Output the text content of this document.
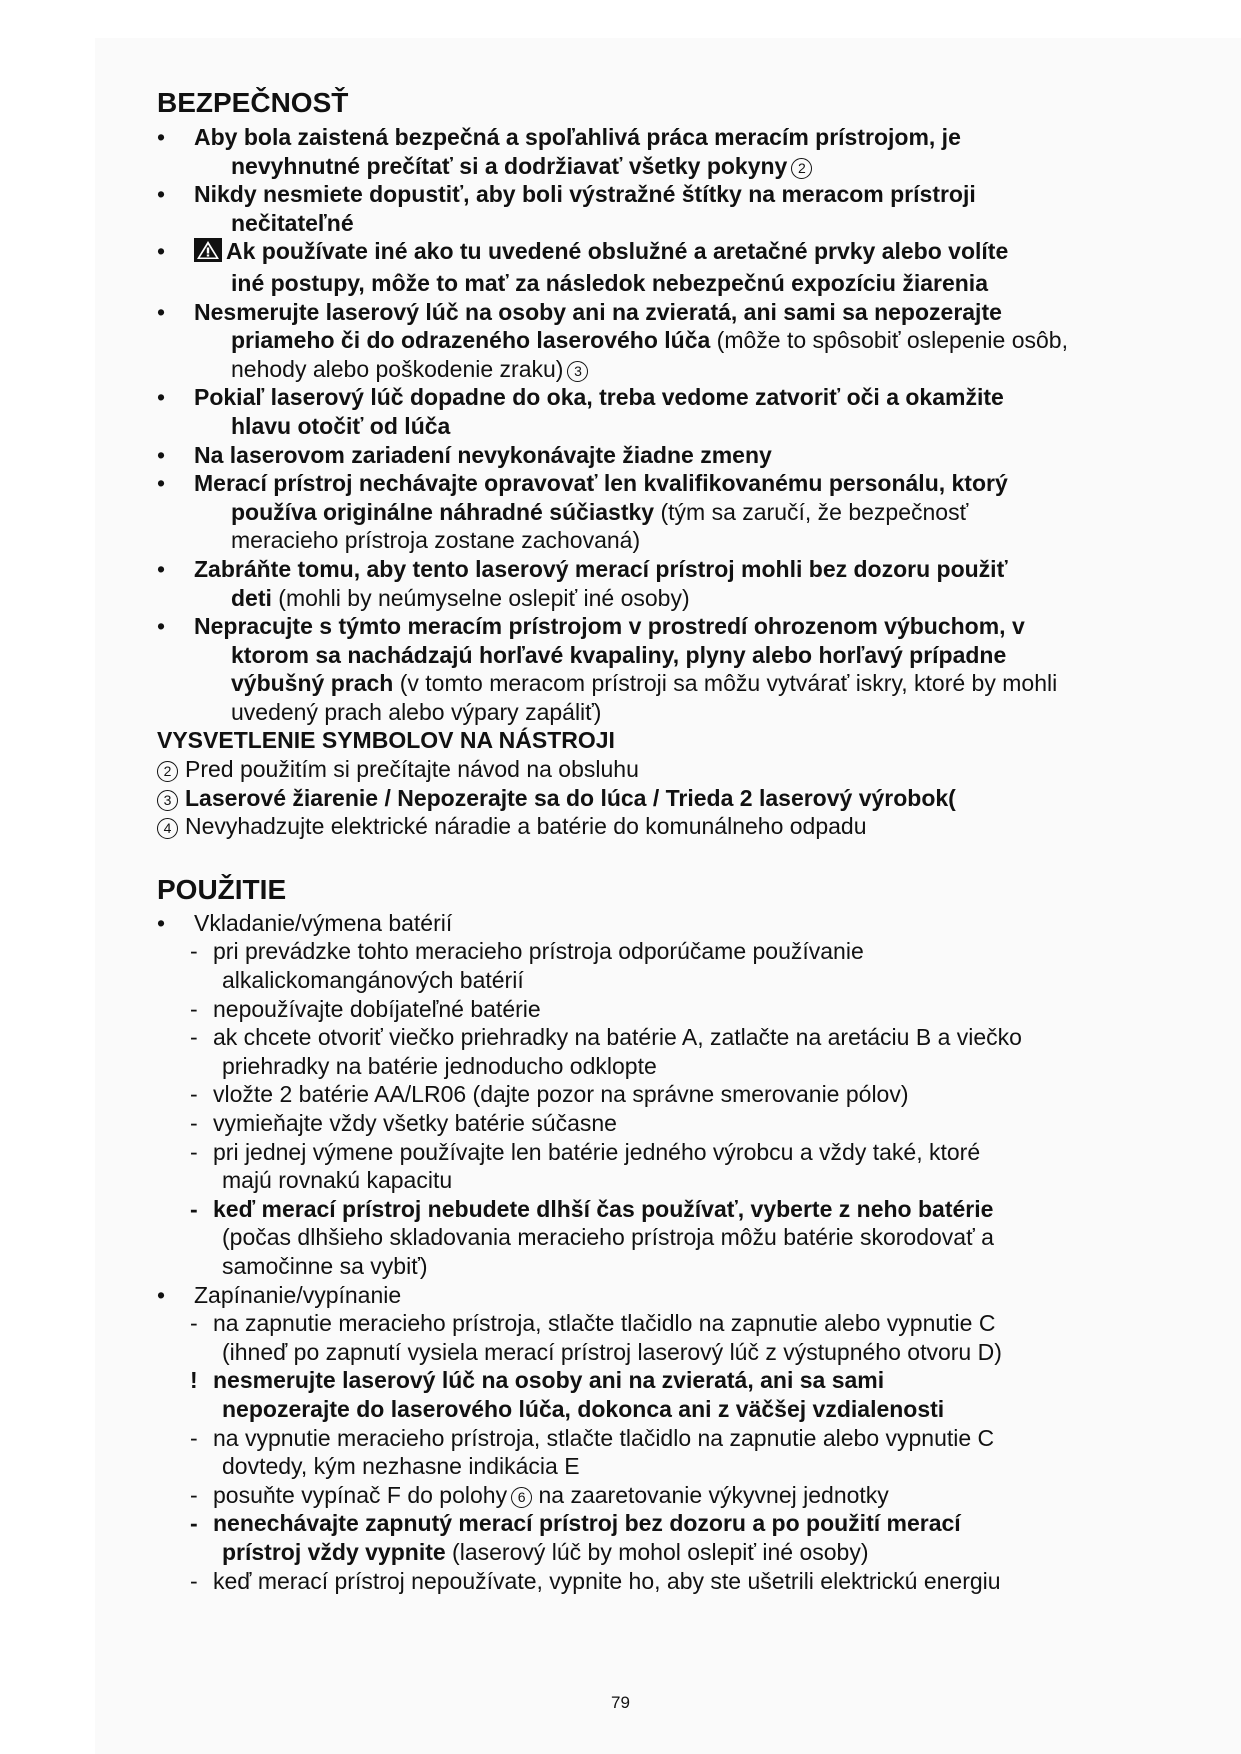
BEZPEČNOSŤ
• Aby bola zaistená bezpečná a spoľahlivá práca meracím prístrojom, je
nevyhnutné prečítať si a dodržiavať všetky pokyny 2
• Nikdy nesmiete dopustiť, aby boli výstražné štítky na meracom prístroji
nečitateľné
• Ak používate iné ako tu uvedené obslužné a aretačné prvky alebo volíte
iné postupy, môže to mať za následok nebezpečnú expozíciu žiarenia
• Nesmerujte laserový lúč na osoby ani na zvieratá, ani sami sa nepozerajte
priameho či do odrazeného laserového lúča (môže to spôsobiť oslepenie osôb,
nehody alebo poškodenie zraku) 3
• Pokiaľ laserový lúč dopadne do oka, treba vedome zatvoriť oči a okamžite
hlavu otočiť od lúča
• Na laserovom zariadení nevykonávajte žiadne zmeny
• Merací prístroj nechávajte opravovať len kvalifikovanému personálu, ktorý
používa originálne náhradné súčiastky (tým sa zaručí, že bezpečnosť
meracieho prístroja zostane zachovaná)
• Zabráňte tomu, aby tento laserový merací prístroj mohli bez dozoru použiť
deti (mohli by neúmyselne oslepiť iné osoby)
• Nepracujte s týmto meracím prístrojom v prostredí ohrozenom výbuchom, v
ktorom sa nachádzajú horľavé kvapaliny, plyny alebo horľavý prípadne
výbušný prach (v tomto meracom prístroji sa môžu vytvárať iskry, ktoré by mohli
uvedený prach alebo výpary zapáliť)
VYSVETLENIE SYMBOLOV NA NÁSTROJI
2 Pred použitím si prečítajte návod na obsluhu
3 Laserové žiarenie / Nepozerajte sa do lúca / Trieda 2 laserový výrobok(
4 Nevyhadzujte elektrické náradie a batérie do komunálneho odpadu
POUŽITIE
• Vkladanie/výmena batérií
- pri prevádzke tohto meracieho prístroja odporúčame používanie
alkalickomangánových batérií
- nepoužívajte dobíjateľné batérie
- ak chcete otvoriť viečko priehradky na batérie A, zatlačte na aretáciu B a viečko
priehradky na batérie jednoducho odklopte
- vložte 2 batérie AA/LR06 (dajte pozor na správne smerovanie pólov)
- vymieňajte vždy všetky batérie súčasne
- pri jednej výmene používajte len batérie jedného výrobcu a vždy také, ktoré
majú rovnakú kapacitu
- keď merací prístroj nebudete dlhší čas používať, vyberte z neho batérie
(počas dlhšieho skladovania meracieho prístroja môžu batérie skorodovať a
samočinne sa vybiť)
• Zapínanie/vypínanie
- na zapnutie meracieho prístroja, stlačte tlačidlo na zapnutie alebo vypnutie C
(ihneď po zapnutí vysiela merací prístroj laserový lúč z výstupného otvoru D)
! nesmerujte laserový lúč na osoby ani na zvieratá, ani sa sami
nepozerajte do laserového lúča, dokonca ani z väčšej vzdialenosti
- na vypnutie meracieho prístroja, stlačte tlačidlo na zapnutie alebo vypnutie C
dovtedy, kým nezhasne indikácia E
- posuňte vypínač F do polohy 6 na zaaretovanie výkyvnej jednotky
- nenechávajte zapnutý merací prístroj bez dozoru a po použití merací
prístroj vždy vypnite (laserový lúč by mohol oslepiť iné osoby)
- keď merací prístroj nepoužívate, vypnite ho, aby ste ušetrili elektrickú energiu
79
